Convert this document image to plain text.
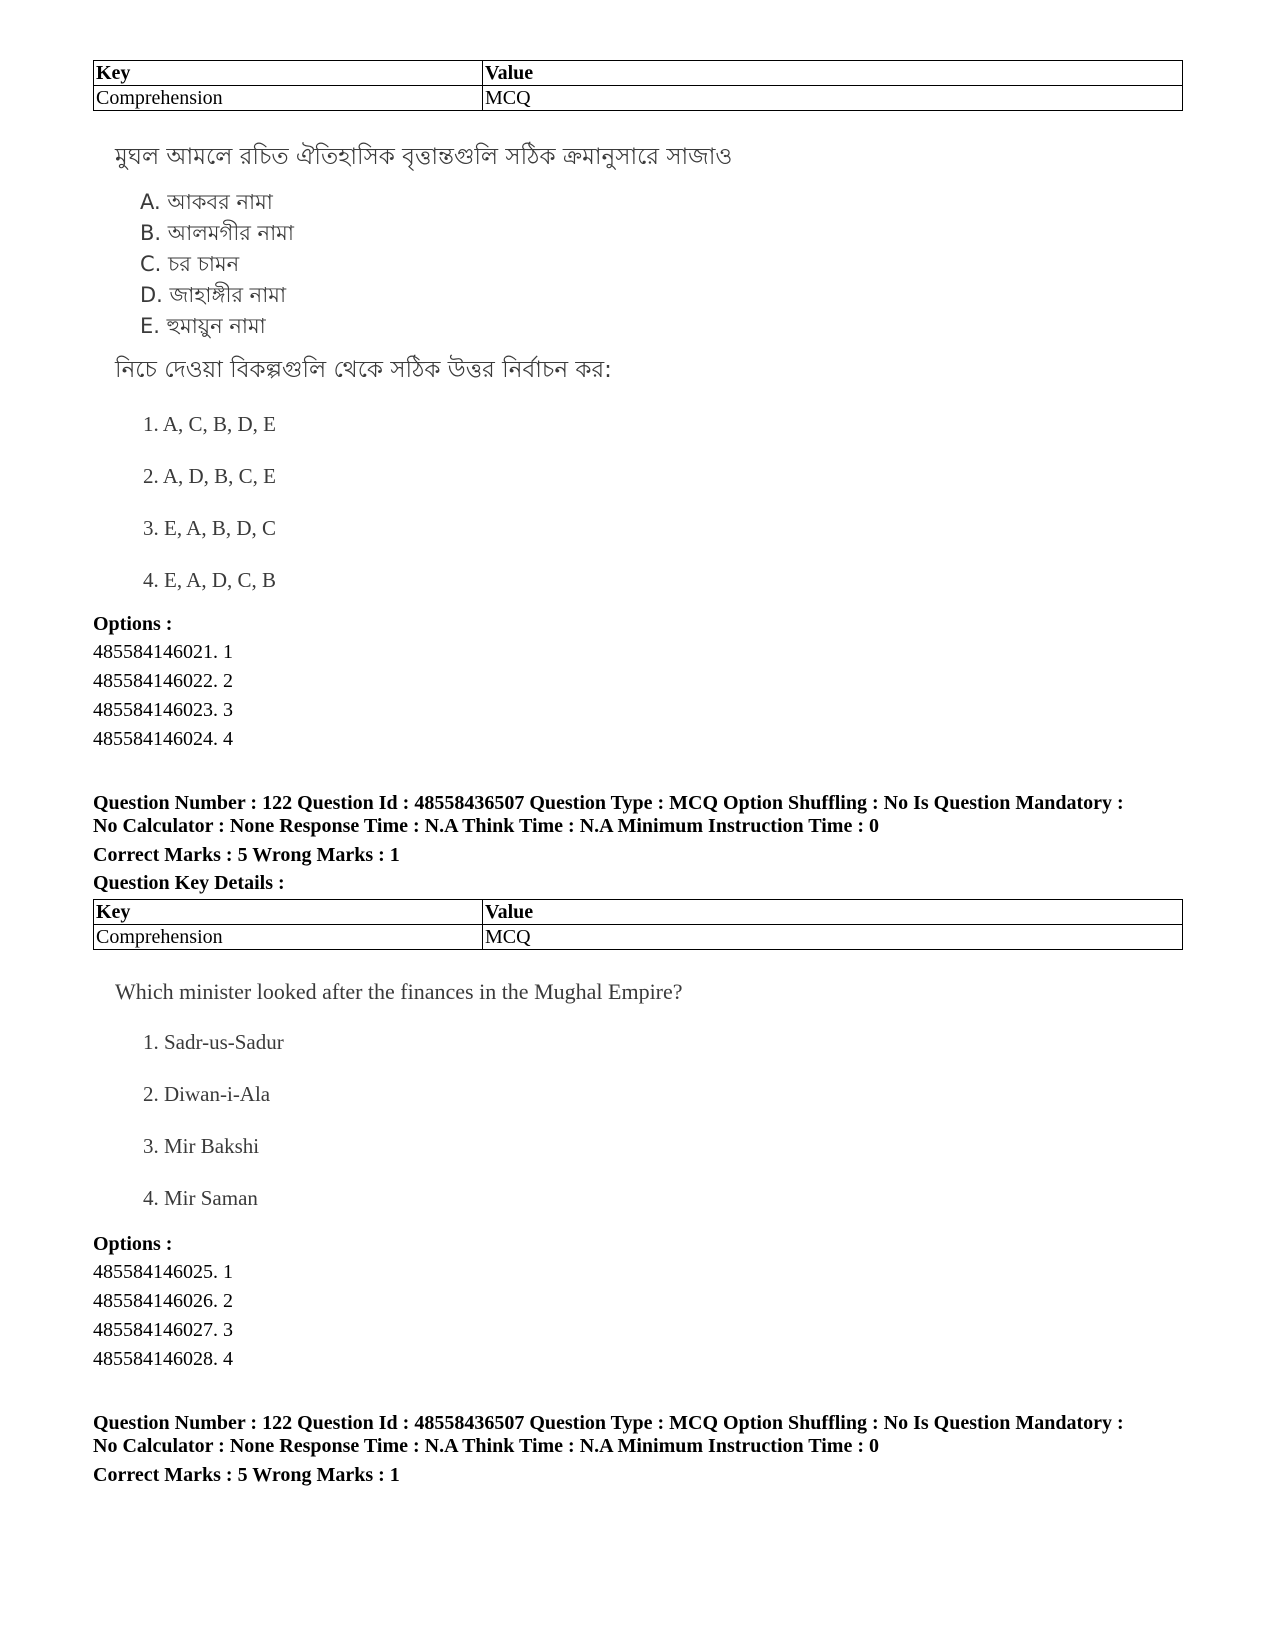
Key	Value
Comprehension	MCQ
মুঘল আমলে রচিত ঐতিহাসিক বৃত্তান্তগুলি সঠিক ক্রমানুসারে সাজাও
A. আকবর নামা
B. আলমগীর নামা
C. চর চামন
D. জাহাঙ্গীর নামা
E. হুমায়ুন নামা
নিচে দেওয়া বিকল্পগুলি থেকে সঠিক উত্তর নির্বাচন কর:
1. A, C, B, D, E
2. A, D, B, C, E
3. E, A, B, D, C
4. E, A, D, C, B
Options :
485584146021. 1
485584146022. 2
485584146023. 3
485584146024. 4
Question Number : 122 Question Id : 48558436507 Question Type : MCQ Option Shuffling : No Is Question Mandatory :
No Calculator : None Response Time : N.A Think Time : N.A Minimum Instruction Time : 0
Correct Marks : 5 Wrong Marks : 1
Question Key Details :
Key	Value
Comprehension	MCQ
Which minister looked after the finances in the Mughal Empire?
1. Sadr-us-Sadur
2. Diwan-i-Ala
3. Mir Bakshi
4. Mir Saman
Options :
485584146025. 1
485584146026. 2
485584146027. 3
485584146028. 4
Question Number : 122 Question Id : 48558436507 Question Type : MCQ Option Shuffling : No Is Question Mandatory :
No Calculator : None Response Time : N.A Think Time : N.A Minimum Instruction Time : 0
Correct Marks : 5 Wrong Marks : 1
